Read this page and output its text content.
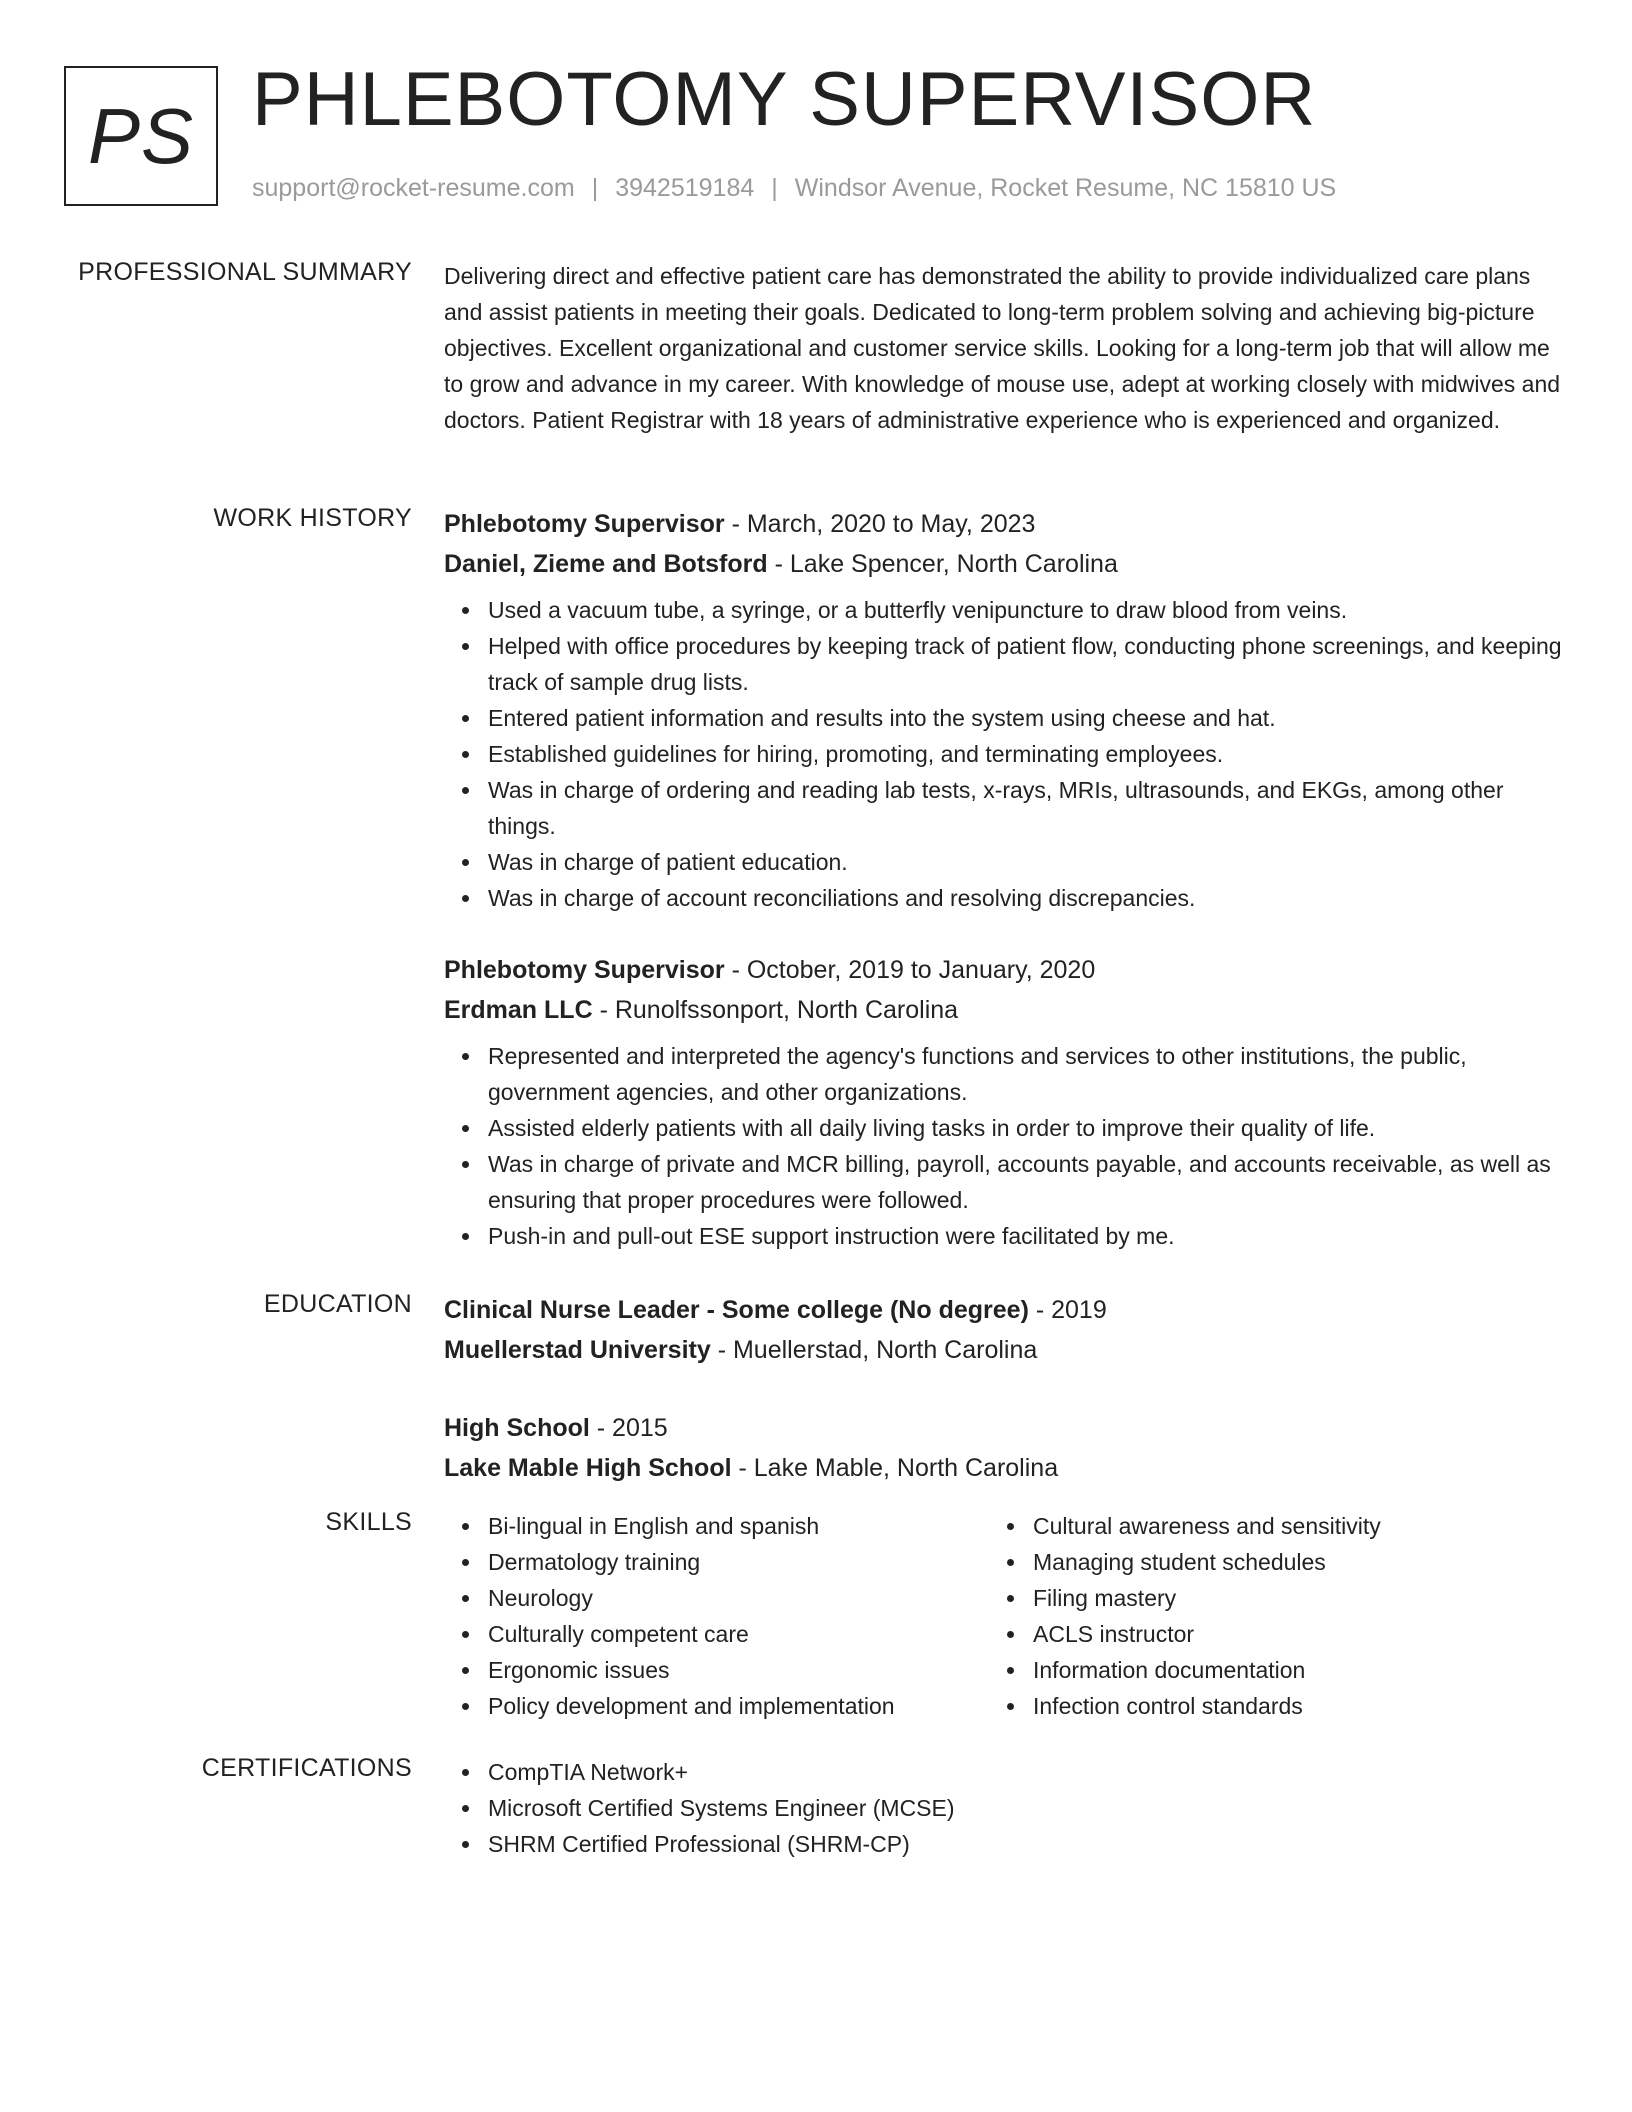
PS PHLEBOTOMY SUPERVISOR
support@rocket-resume.com | 3942519184 | Windsor Avenue, Rocket Resume, NC 15810 US
PROFESSIONAL SUMMARY Delivering direct and effective patient care has demonstrated the ability to provide individualized care plans and assist patients in meeting their goals. Dedicated to long-term problem solving and achieving big-picture objectives. Excellent organizational and customer service skills. Looking for a long-term job that will allow me to grow and advance in my career. With knowledge of mouse use, adept at working closely with midwives and doctors. Patient Registrar with 18 years of administrative experience who is experienced and organized.

WORK HISTORY Phlebotomy Supervisor - March, 2020 to May, 2023
Daniel, Zieme and Botsford - Lake Spencer, North Carolina
Used a vacuum tube, a syringe, or a butterfly venipuncture to draw blood from veins.
Helped with office procedures by keeping track of patient flow, conducting phone screenings, and keeping track of sample drug lists.
Entered patient information and results into the system using cheese and hat.
Established guidelines for hiring, promoting, and terminating employees.
Was in charge of ordering and reading lab tests, x-rays, MRIs, ultrasounds, and EKGs, among other things.
Was in charge of patient education.
Was in charge of account reconciliations and resolving discrepancies.
Phlebotomy Supervisor - October, 2019 to January, 2020
Erdman LLC - Runolfssonport, North Carolina
Represented and interpreted the agency's functions and services to other institutions, the public, government agencies, and other organizations.
Assisted elderly patients with all daily living tasks in order to improve their quality of life.
Was in charge of private and MCR billing, payroll, accounts payable, and accounts receivable, as well as ensuring that proper procedures were followed.
Push-in and pull-out ESE support instruction were facilitated by me.
EDUCATION Clinical Nurse Leader - Some college (No degree) - 2019
Muellerstad University - Muellerstad, North Carolina
High School - 2015
Lake Mable High School - Lake Mable, North Carolina
SKILLS	Bi-lingual in English and spanish
Dermatology training
Neurology
Culturally competent care
Ergonomic issues
Policy development and implementation
Cultural awareness and sensitivity
Managing student schedules
Filing mastery
ACLS instructor
Information documentation
Infection control standards
CERTIFICATIONS	CompTIA Network+
Microsoft Certified Systems Engineer (MCSE)
SHRM Certified Professional (SHRM-CP)
